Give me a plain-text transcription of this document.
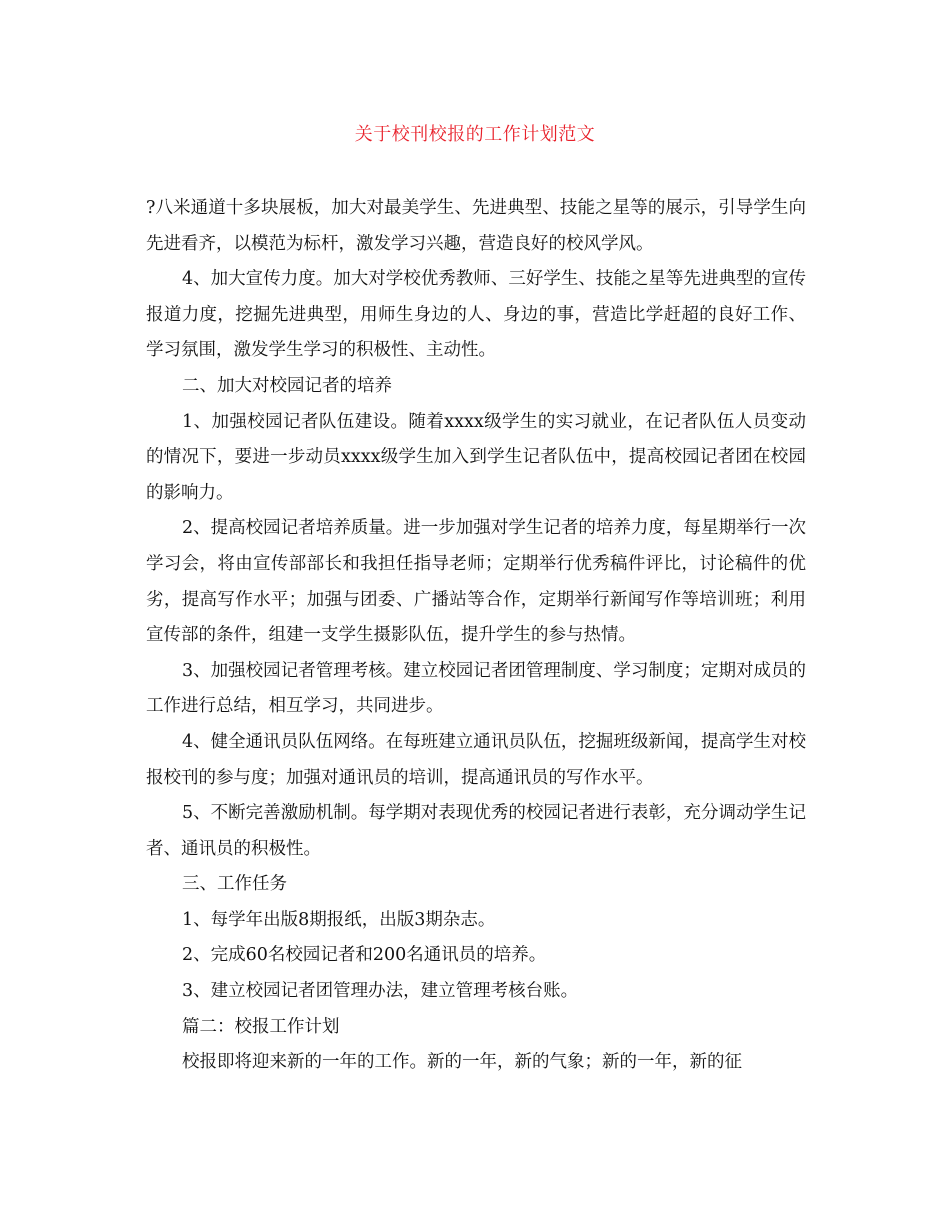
关于校刊校报的工作计划范文

?八米通道十多块展板，加大对最美学生、先进典型、技能之星等的展示，引导学生向先进看齐，以模范为标杆，激发学习兴趣，营造良好的校风学风。

4、加大宣传力度。加大对学校优秀教师、三好学生、技能之星等先进典型的宣传报道力度，挖掘先进典型，用师生身边的人、身边的事，营造比学赶超的良好工作、学习氛围，激发学生学习的积极性、主动性。

二、加大对校园记者的培养

1、加强校园记者队伍建设。随着xxxx级学生的实习就业，在记者队伍人员变动的情况下，要进一步动员xxxx级学生加入到学生记者队伍中，提高校园记者团在校园的影响力。

2、提高校园记者培养质量。进一步加强对学生记者的培养力度，每星期举行一次学习会，将由宣传部部长和我担任指导老师；定期举行优秀稿件评比，讨论稿件的优劣，提高写作水平；加强与团委、广播站等合作，定期举行新闻写作等培训班；利用宣传部的条件，组建一支学生摄影队伍，提升学生的参与热情。

3、加强校园记者管理考核。建立校园记者团管理制度、学习制度；定期对成员的工作进行总结，相互学习，共同进步。

4、健全通讯员队伍网络。在每班建立通讯员队伍，挖掘班级新闻，提高学生对校报校刊的参与度；加强对通讯员的培训，提高通讯员的写作水平。

5、不断完善激励机制。每学期对表现优秀的校园记者进行表彰，充分调动学生记者、通讯员的积极性。

三、工作任务

1、每学年出版8期报纸，出版3期杂志。

2、完成60名校园记者和200名通讯员的培养。

3、建立校园记者团管理办法，建立管理考核台账。

篇二：校报工作计划

校报即将迎来新的一年的工作。新的一年，新的气象；新的一年，新的征
